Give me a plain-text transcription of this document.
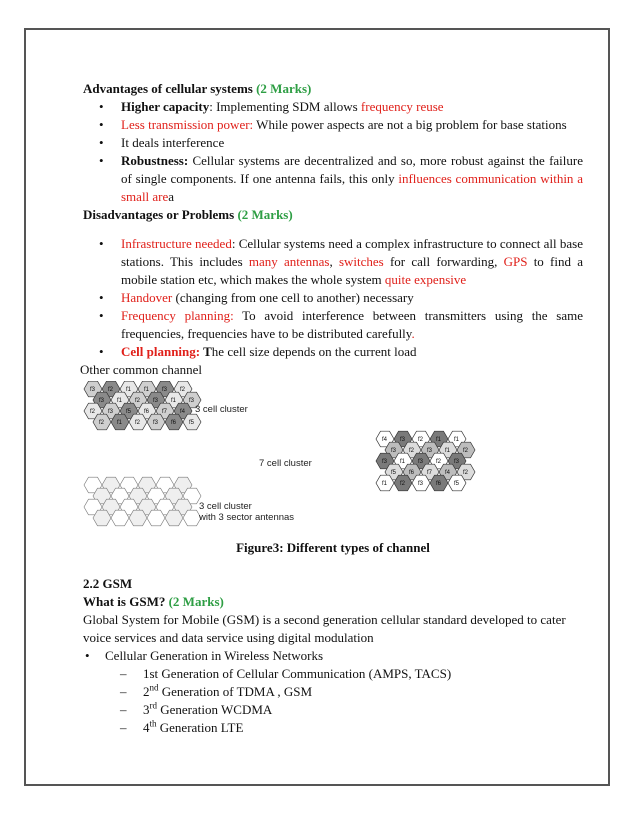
Advantages of cellular systems (2 Marks)
• Higher capacity: Implementing SDM allows frequency reuse
• Less transmission power: While power aspects are not a big problem for base stations
• It deals interference
• Robustness: Cellular systems are decentralized and so, more robust against the failure of single components. If one antenna fails, this only influences communication within a small area
Disadvantages or Problems (2 Marks)
• Infrastructure needed: Cellular systems need a complex infrastructure to connect all base stations. This includes many antennas, switches for call forwarding, GPS to find a mobile station etc, which makes the whole system quite expensive
• Handover (changing from one cell to another) necessary
• Frequency planning: To avoid interference between transmitters using the same frequencies, frequencies have to be distributed carefully.
• Cell planning: The cell size depends on the current load
Other common channel
f3 f2 f1 f1 f3 f2
f3 f1 f2 f3 f1 f3
f2 f3 f5 f6 f7 f4
f2 f1 f2 f3 f6 f5
3 cell cluster
f4 f3 f2 f1 f1
f3 f2 f3 f1 f2
f3 f1 f3 f2 f3
f5 f6 f7 f4 f2
f1 f2 f3 f6 f5
7 cell cluster
3 cell cluster
with 3 sector antennas
Figure3: Different types of channel
2.2 GSM
What is GSM? (2 Marks)
Global System for Mobile (GSM) is a second generation cellular standard developed to cater voice services and data service using digital modulation
• Cellular Generation in Wireless Networks
– 1st Generation of Cellular Communication (AMPS, TACS)
– 2nd Generation of TDMA , GSM
– 3rd Generation WCDMA
– 4th Generation LTE
